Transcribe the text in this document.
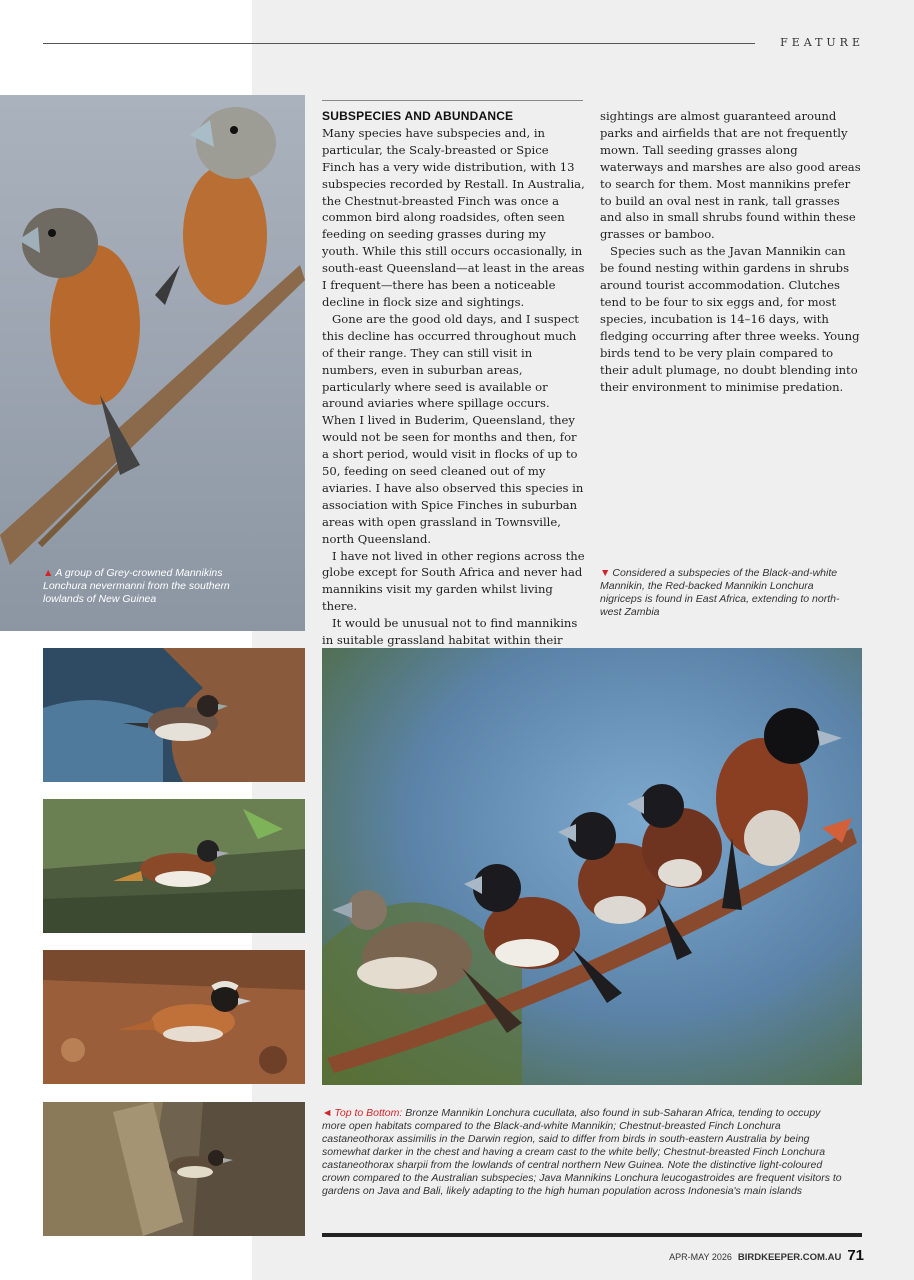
FEATURE
▲ A group of Grey-crowned Mannikins Lonchura nevermanni from the southern lowlands of New Guinea
SUBSPECIES AND ABUNDANCE

Many species have subspecies and, in particular, the Scaly-breasted or Spice Finch has a very wide distribution, with 13 subspecies recorded by Restall. In Australia, the Chestnut-breasted Finch was once a common bird along roadsides, often seen feeding on seeding grasses during my youth. While this still occurs occasionally, in south-east Queensland—at least in the areas I frequent—there has been a noticeable decline in flock size and sightings.

Gone are the good old days, and I suspect this decline has occurred throughout much of their range. They can still visit in numbers, even in suburban areas, particularly where seed is available or around aviaries where spillage occurs. When I lived in Buderim, Queensland, they would not be seen for months and then, for a short period, would visit in flocks of up to 50, feeding on seed cleaned out of my aviaries. I have also observed this species in association with Spice Finches in suburban areas with open grassland in Townsville, north Queensland.

I have not lived in other regions across the globe except for South Africa and never had mannikins visit my garden whilst living there.

It would be unusual not to find mannikins in suitable grassland habitat within their

sightings are almost guaranteed around parks and airfields that are not frequently mown. Tall seeding grasses along waterways and marshes are also good areas to search for them. Most mannikins prefer to build an oval nest in rank, tall grasses and also in small shrubs found within these grasses or bamboo.

Species such as the Javan Mannikin can be found nesting within gardens in shrubs around tourist accommodation. Clutches tend to be four to six eggs and, for most species, incubation is 14–16 days, with fledging occurring after three weeks. Young birds tend to be very plain compared to their adult plumage, no doubt blending into their environment to minimise predation.

▼ Considered a subspecies of the Black-and-white Mannikin, the Red-backed Mannikin Lonchura nigriceps is found in East Africa, extending to north-west Zambia
◄ Top to Bottom: Bronze Mannikin Lonchura cucullata, also found in sub-Saharan Africa, tending to occupy more open habitats compared to the Black-and-white Mannikin; Chestnut-breasted Finch Lonchura castaneothorax assimilis in the Darwin region, said to differ from birds in south-eastern Australia by being somewhat darker in the chest and having a cream cast to the white belly; Chestnut-breasted Finch Lonchura castaneothorax sharpii from the lowlands of central northern New Guinea. Note the distinctive light-coloured crown compared to the Australian subspecies; Java Mannikins Lonchura leucogastroides are frequent visitors to gardens on Java and Bali, likely adapting to the high human population across Indonesia's main islands
APR-MAY 2026 BIRDKEEPER.COM.AU 71
